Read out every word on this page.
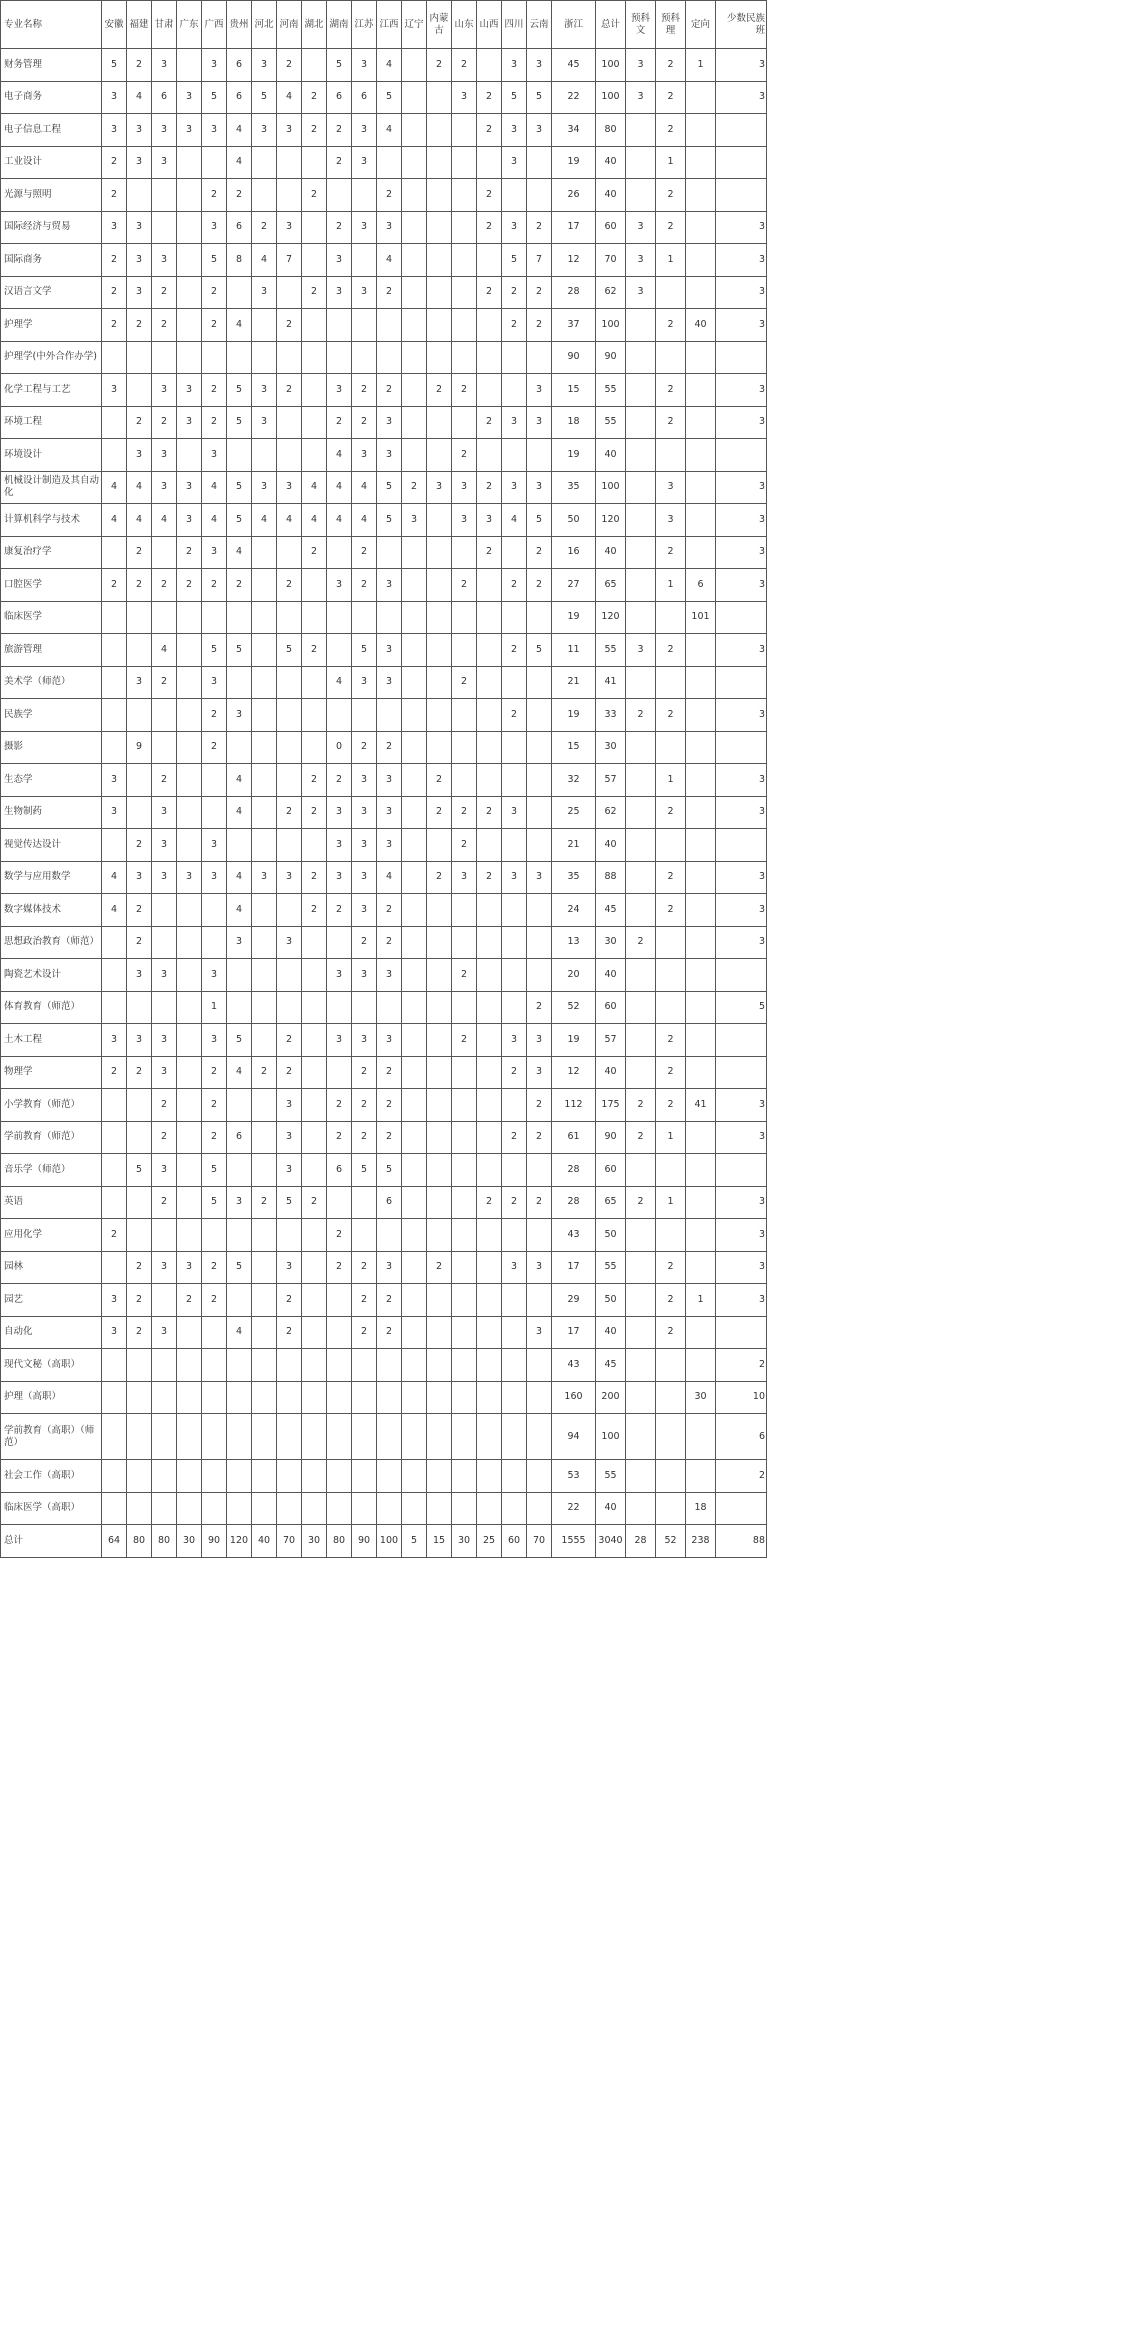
专业名称	安徽	福建	甘肃	广东	广西	贵州	河北	河南	湖北	湖南	江苏	江西	辽宁	内蒙古	山东	山西	四川	云南	浙江	总计	预科文	预科理	定向	少数民族班
财务管理	5	2	3		3	6	3	2		5	3	4		2	2		3	3	45	100	3	2	1	3
电子商务	3	4	6	3	5	6	5	4	2	6	6	5			3	2	5	5	22	100	3	2		3
电子信息工程	3	3	3	3	3	4	3	3	2	2	3	4				2	3	3	34	80		2		
工业设计	2	3	3			4				2	3						3		19	40		1		
光源与照明	2				2	2			2			2				2			26	40		2		
国际经济与贸易	3	3			3	6	2	3		2	3	3				2	3	2	17	60	3	2		3
国际商务	2	3	3		5	8	4	7		3		4					5	7	12	70	3	1		3
汉语言文学	2	3	2		2		3		2	3	3	2				2	2	2	28	62	3			3
护理学	2	2	2		2	4		2									2	2	37	100		2	40	3
护理学(中外合作办学)																			90	90				
化学工程与工艺	3		3	3	2	5	3	2		3	2	2		2	2			3	15	55		2		3
环境工程		2	2	3	2	5	3			2	2	3				2	3	3	18	55		2		3
环境设计		3	3		3					4	3	3			2				19	40				
机械设计制造及其自动化	4	4	3	3	4	5	3	3	4	4	4	5	2	3	3	2	3	3	35	100		3		3
计算机科学与技术	4	4	4	3	4	5	4	4	4	4	4	5	3		3	3	4	5	50	120		3		3
康复治疗学		2		2	3	4			2		2					2		2	16	40		2		3
口腔医学	2	2	2	2	2	2		2		3	2	3			2		2	2	27	65		1	6	3
临床医学																			19	120			101	
旅游管理			4		5	5		5	2		5	3					2	5	11	55	3	2		3
美术学（师范）		3	2		3					4	3	3			2				21	41				
民族学					2	3											2		19	33	2	2		3
摄影		9			2					0	2	2							15	30				
生态学	3		2			4			2	2	3	3		2					32	57		1		3
生物制药	3		3			4		2	2	3	3	3		2	2	2	3		25	62		2		3
视觉传达设计		2	3		3					3	3	3			2				21	40				
数学与应用数学	4	3	3	3	3	4	3	3	2	3	3	4		2	3	2	3	3	35	88		2		3
数字媒体技术	4	2				4			2	2	3	2							24	45		2		3
思想政治教育（师范）		2				3		3			2	2							13	30	2			3
陶瓷艺术设计		3	3		3					3	3	3			2				20	40				
体育教育（师范）					1													2	52	60				5
土木工程	3	3	3		3	5		2		3	3	3			2		3	3	19	57		2		
物理学	2	2	3		2	4	2	2			2	2					2	3	12	40		2		
小学教育（师范）			2		2			3		2	2	2						2	112	175	2	2	41	3
学前教育（师范）			2		2	6		3		2	2	2					2	2	61	90	2	1		3
音乐学（师范）		5	3		5			3		6	5	5							28	60				
英语			2		5	3	2	5	2			6				2	2	2	28	65	2	1		3
应用化学	2									2									43	50				3
园林		2	3	3	2	5		3		2	2	3		2			3	3	17	55		2		3
园艺	3	2		2	2			2			2	2							29	50		2	1	3
自动化	3	2	3			4		2			2	2						3	17	40		2		
现代文秘（高职）																			43	45				2
护理（高职）																			160	200			30	10
学前教育（高职）（师范）																			94	100				6
社会工作（高职）																			53	55				2
临床医学（高职）																			22	40			18	
总计	64	80	80	30	90	120	40	70	30	80	90	100	5	15	30	25	60	70	1555	3040	28	52	238	88
